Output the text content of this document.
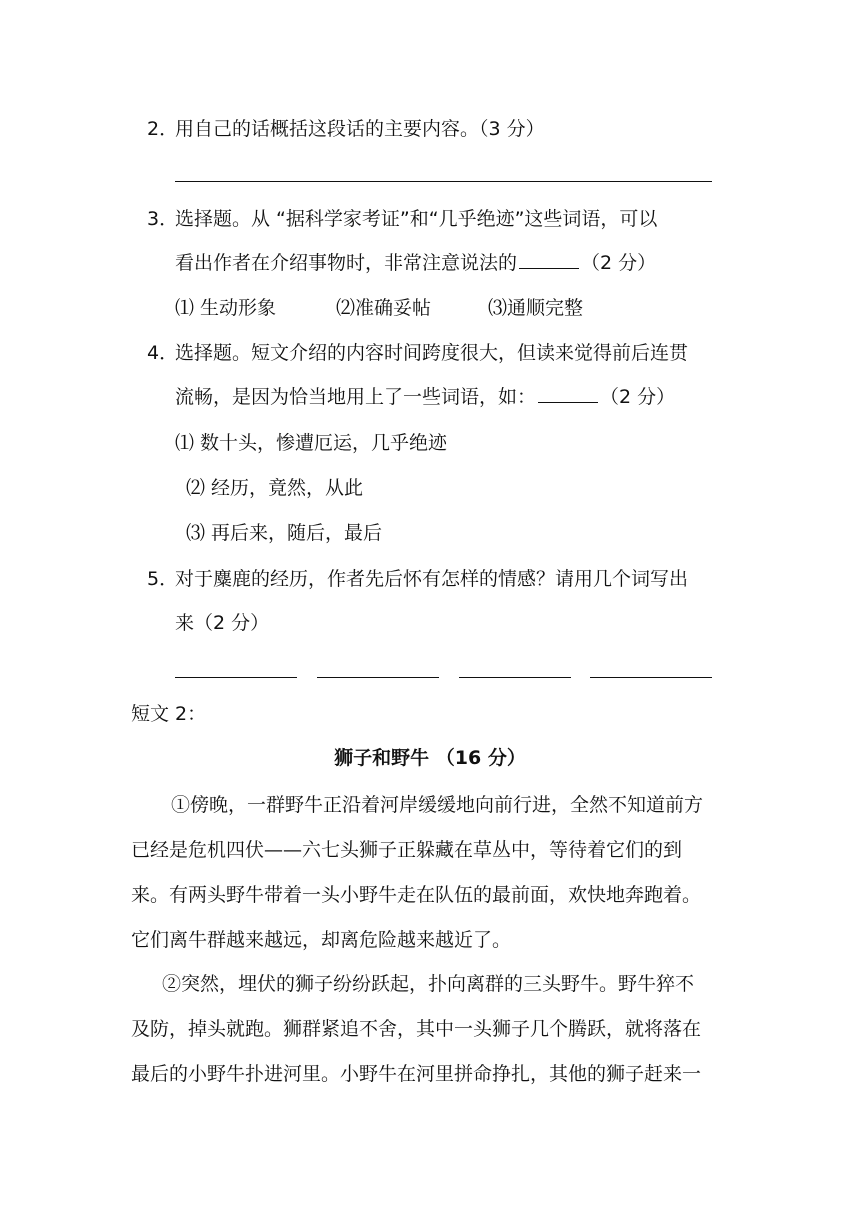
2．用自己的话概括这段话的主要内容。（3 分）
3．选择题。从 “据科学家考证”和“几乎绝迹”这些词语，可以
看出作者在介绍事物时，非常注意说法的	（2 分）
⑴ 生动形象	⑵准确妥帖	⑶通顺完整
4．选择题。短文介绍的内容时间跨度很大，但读来觉得前后连贯
流畅，是因为恰当地用上了一些词语，如：	（2 分）
⑴ 数十头，惨遭厄运，几乎绝迹
⑵ 经历，竟然，从此
⑶ 再后来，随后，最后
5．对于麋鹿的经历，作者先后怀有怎样的情感？请用几个词写出
来（2 分）
短文 2：
狮子和野牛 （16 分）
①傍晚，一群野牛正沿着河岸缓缓地向前行进，全然不知道前方
已经是危机四伏——六七头狮子正躲藏在草丛中，等待着它们的到
来。有两头野牛带着一头小野牛走在队伍的最前面，欢快地奔跑着。
它们离牛群越来越远，却离危险越来越近了。
②突然，埋伏的狮子纷纷跃起，扑向离群的三头野牛。野牛猝不
及防，掉头就跑。狮群紧追不舍，其中一头狮子几个腾跃，就将落在
最后的小野牛扑进河里。小野牛在河里拼命挣扎，其他的狮子赶来一
